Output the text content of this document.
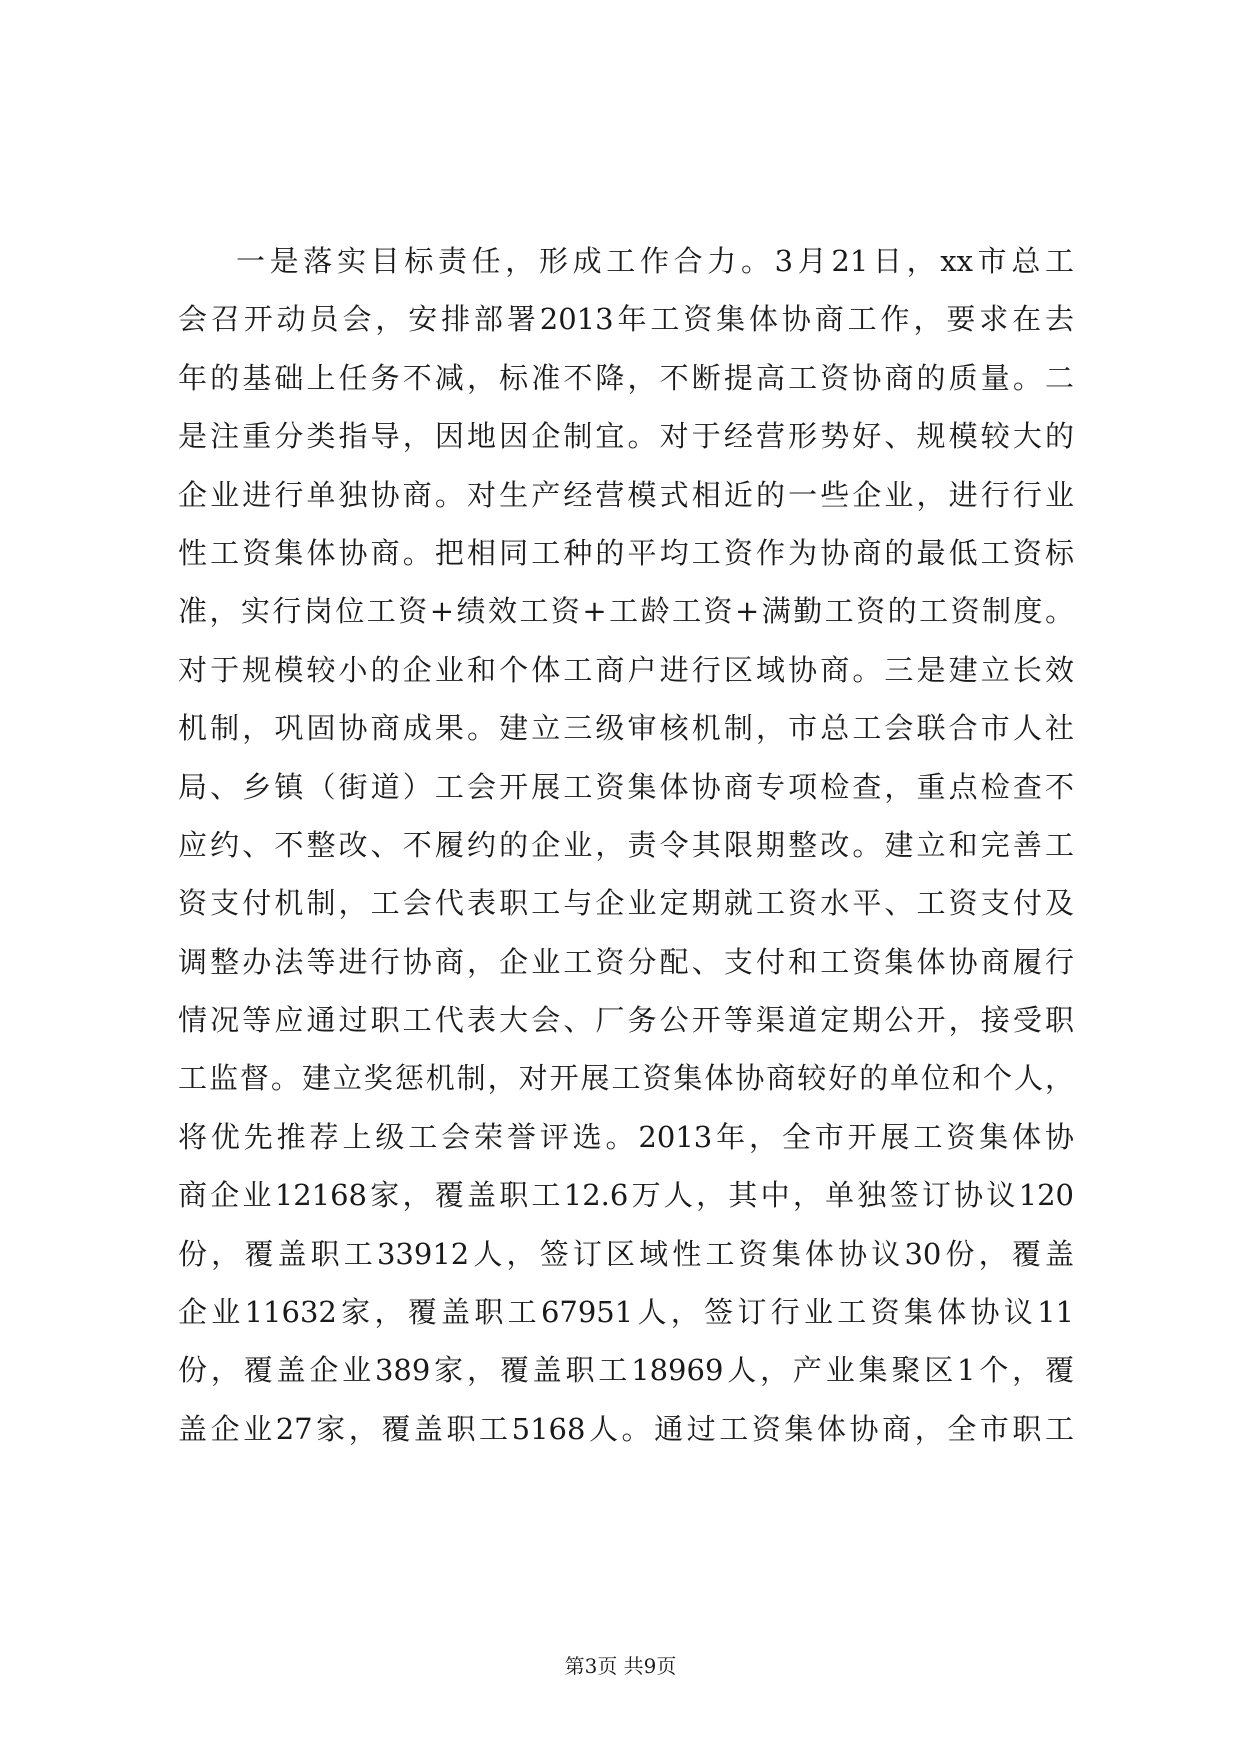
一是落实目标责任，形成工作合力。3月21日，xx市总工
会召开动员会，安排部署2013年工资集体协商工作，要求在去
年的基础上任务不减，标准不降，不断提高工资协商的质量。二
是注重分类指导，因地因企制宜。对于经营形势好、规模较大的
企业进行单独协商。对生产经营模式相近的一些企业，进行行业
性工资集体协商。把相同工种的平均工资作为协商的最低工资标
准，实行岗位工资+绩效工资+工龄工资+满勤工资的工资制度。
对于规模较小的企业和个体工商户进行区域协商。三是建立长效
机制，巩固协商成果。建立三级审核机制，市总工会联合市人社
局、乡镇（街道）工会开展工资集体协商专项检查，重点检查不
应约、不整改、不履约的企业，责令其限期整改。建立和完善工
资支付机制，工会代表职工与企业定期就工资水平、工资支付及
调整办法等进行协商，企业工资分配、支付和工资集体协商履行
情况等应通过职工代表大会、厂务公开等渠道定期公开，接受职
工监督。建立奖惩机制，对开展工资集体协商较好的单位和个人，
将优先推荐上级工会荣誉评选。2013年，全市开展工资集体协
商企业12168家，覆盖职工12.6万人，其中，单独签订协议120
份，覆盖职工33912人，签订区域性工资集体协议30份，覆盖
企业11632家，覆盖职工67951人，签订行业工资集体协议11
份，覆盖企业389家，覆盖职工18969人，产业集聚区1个，覆
盖企业27家，覆盖职工5168人。通过工资集体协商，全市职工
第3页 共9页
